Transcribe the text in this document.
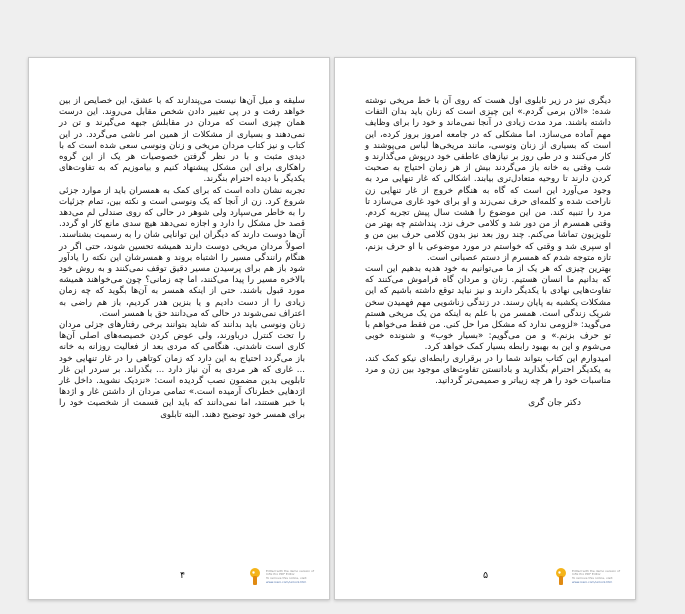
سلیقه و میل آن‌ها نیست می‌پندارند که با عشق، این خصایص از بین خواهد رفت و در پی تغییر دادن شخص مقابل می‌روند. این درست همان چیزی است که مردان در مقابلش جبهه می‌گیرند و تن در نمی‌دهند و بسیاری از مشکلات از همین امر ناشی می‌گردد. در این کتاب و نیز کتاب مردان مریخی و زنان ونوسی سعی شده است که با دیدی مثبت و با در نظر گرفتن خصوصیات هر یک از این گروه راهکاری برای این مشکل پیشنهاد کنیم و بیاموزیم که به تفاوت‌های یکدیگر با دیده احترام بنگرند.

تجربه نشان داده است که برای کمک به همسران باید از موارد جزئی شروع کرد. زن از آنجا که یک ونوسی است و نکته بین، تمام جزئیات را به خاطر می‌سپارد ولی شوهر در حالی که روی صندلی لم می‌دهد قصد حل مشکل را دارد و اجازه نمی‌دهد هیچ سدی مانع کار او گردد. آن‌ها دوست دارند که دیگران این توانایی شان را به رسمیت بشناسند. اصولاً مردان مریخی دوست دارند همیشه تحسین شوند، حتی اگر در هنگام رانندگی مسیر را اشتباه بروند و همسرشان این نکته را یادآور شود باز هم برای پرسیدن مسیر دقیق توقف نمی‌کنند و به روش خود بالاخره مسیر را پیدا می‌کنند، اما چه زمانی؟ چون می‌خواهند همیشه مورد قبول باشند. حتی از اینکه همسر به آن‌ها بگوید که چه زمان زیادی را از دست دادیم و یا بنزین هدر کردیم، باز هم راضی به اعتراف نمی‌شوند در حالی که می‌دانند حق با همسر است.

زنان ونوسی باید بدانند که شاید بتوانند برخی رفتارهای جزئی مردان را تحت کنترل درباورند، ولی عوض کردن خصیصه‌های اصلی آن‌ها کاری است ناشدنی. هنگامی که مردی بعد از فعالیت روزانه به خانه باز می‌گردد احتیاج به این دارد که زمان کوتاهی را در غار تنهایی خود ... غاری که هر مردی به آن نیاز دارد ... بگذراند. بر سردر این غار تابلویی بدین مضمون نصب گردیده است: «نزدیک نشوید. داخل غار اژدهایی خطرناک آرمیده است.» تمامی مردان از داشتن غار و اژدها با خبر هستند، اما نمی‌دانند که باید این قسمت از شخصیت خود را برای همسر خود توضیح دهند. البته تابلوی

۴	Edited with the demo version of
Infix Pro PDF Editor
To remove this notice, visit:
www.iceni.com/unlock.htm

دیگری نیز در زیر تابلوی اول هست که روی آن با خط مریخی نوشته شده: «الان برمی گردم.» این چیزی است که زنان باید بدان التفات داشته باشند. مرد مدت زیادی در آنجا نمی‌ماند و خود را برای وظایف مهم آماده می‌سازد. اما مشکلی که در جامعه امروز بروز کرده، این است که بسیاری از زنان ونوسی، مانند مریخی‌ها لباس می‌پوشند و کار می‌کنند و در طی روز بر نیازهای عاطفی خود درپوش می‌گذارند و شب وقتی به خانه باز می‌گردند بیش از هر زمان احتیاج به صحبت کردن دارند تا روحیه متعادل‌تری بیابند. اشکالی که غار تنهایی مرد به وجود می‌آورد این است که گاه به هنگام خروج از غار تنهایی زن ناراحت شده و کلمه‌ای حرف نمی‌زند و او برای خود غاری می‌سازد تا مرد را تنبیه کند. من این موضوع را هشت سال پیش تجربه کردم. وقتی همسرم از من دور شد و کلامی حرف نزد. پنداشتم چه بهتر من تلویزیون تماشا می‌کنم. چند روز بعد نیز بدون کلامی حرف بین من و او سپری شد و وقتی که خواستم در مورد موضوعی با او حرف بزنم، تازه متوجه شدم که همسرم از دستم عصبانی است.

بهترین چیزی که هر یک از ما می‌توانیم به خود هدیه بدهیم این است که بدانیم ما انسان هستیم. زنان و مردان گاه فراموش می‌کنند که تفاوت‌هایی نهادی با یکدیگر دارند و نیز نباید توقع داشته باشیم که این مشکلات یکشبه به پایان رسند. در زندگی زناشویی مهم فهمیدن سخن شریک زندگی است. همسر من با علم به اینکه من یک مریخی هستم می‌گوید: «لزومی ندارد که مشکل مرا حل کنی. من فقط می‌خواهم با تو حرف بزنم.» و من می‌گویم: «بسیار خوب» و شنونده خوبی می‌شوم و این به بهبود رابطه بسیار کمک خواهد کرد.

امیدوارم این کتاب بتواند شما را در برقراری رابطه‌ای نیکو کمک کند، به یکدیگر احترام بگذارید و بادانستن تفاوت‌های موجود بین زن و مرد مناسبات خود را هر چه زیباتر و صمیمی‌تر گردانید.

دکتر جان گری
۵	Edited with the demo version of
Infix Pro PDF Editor
To remove this notice, visit:
www.iceni.com/unlock.htm
